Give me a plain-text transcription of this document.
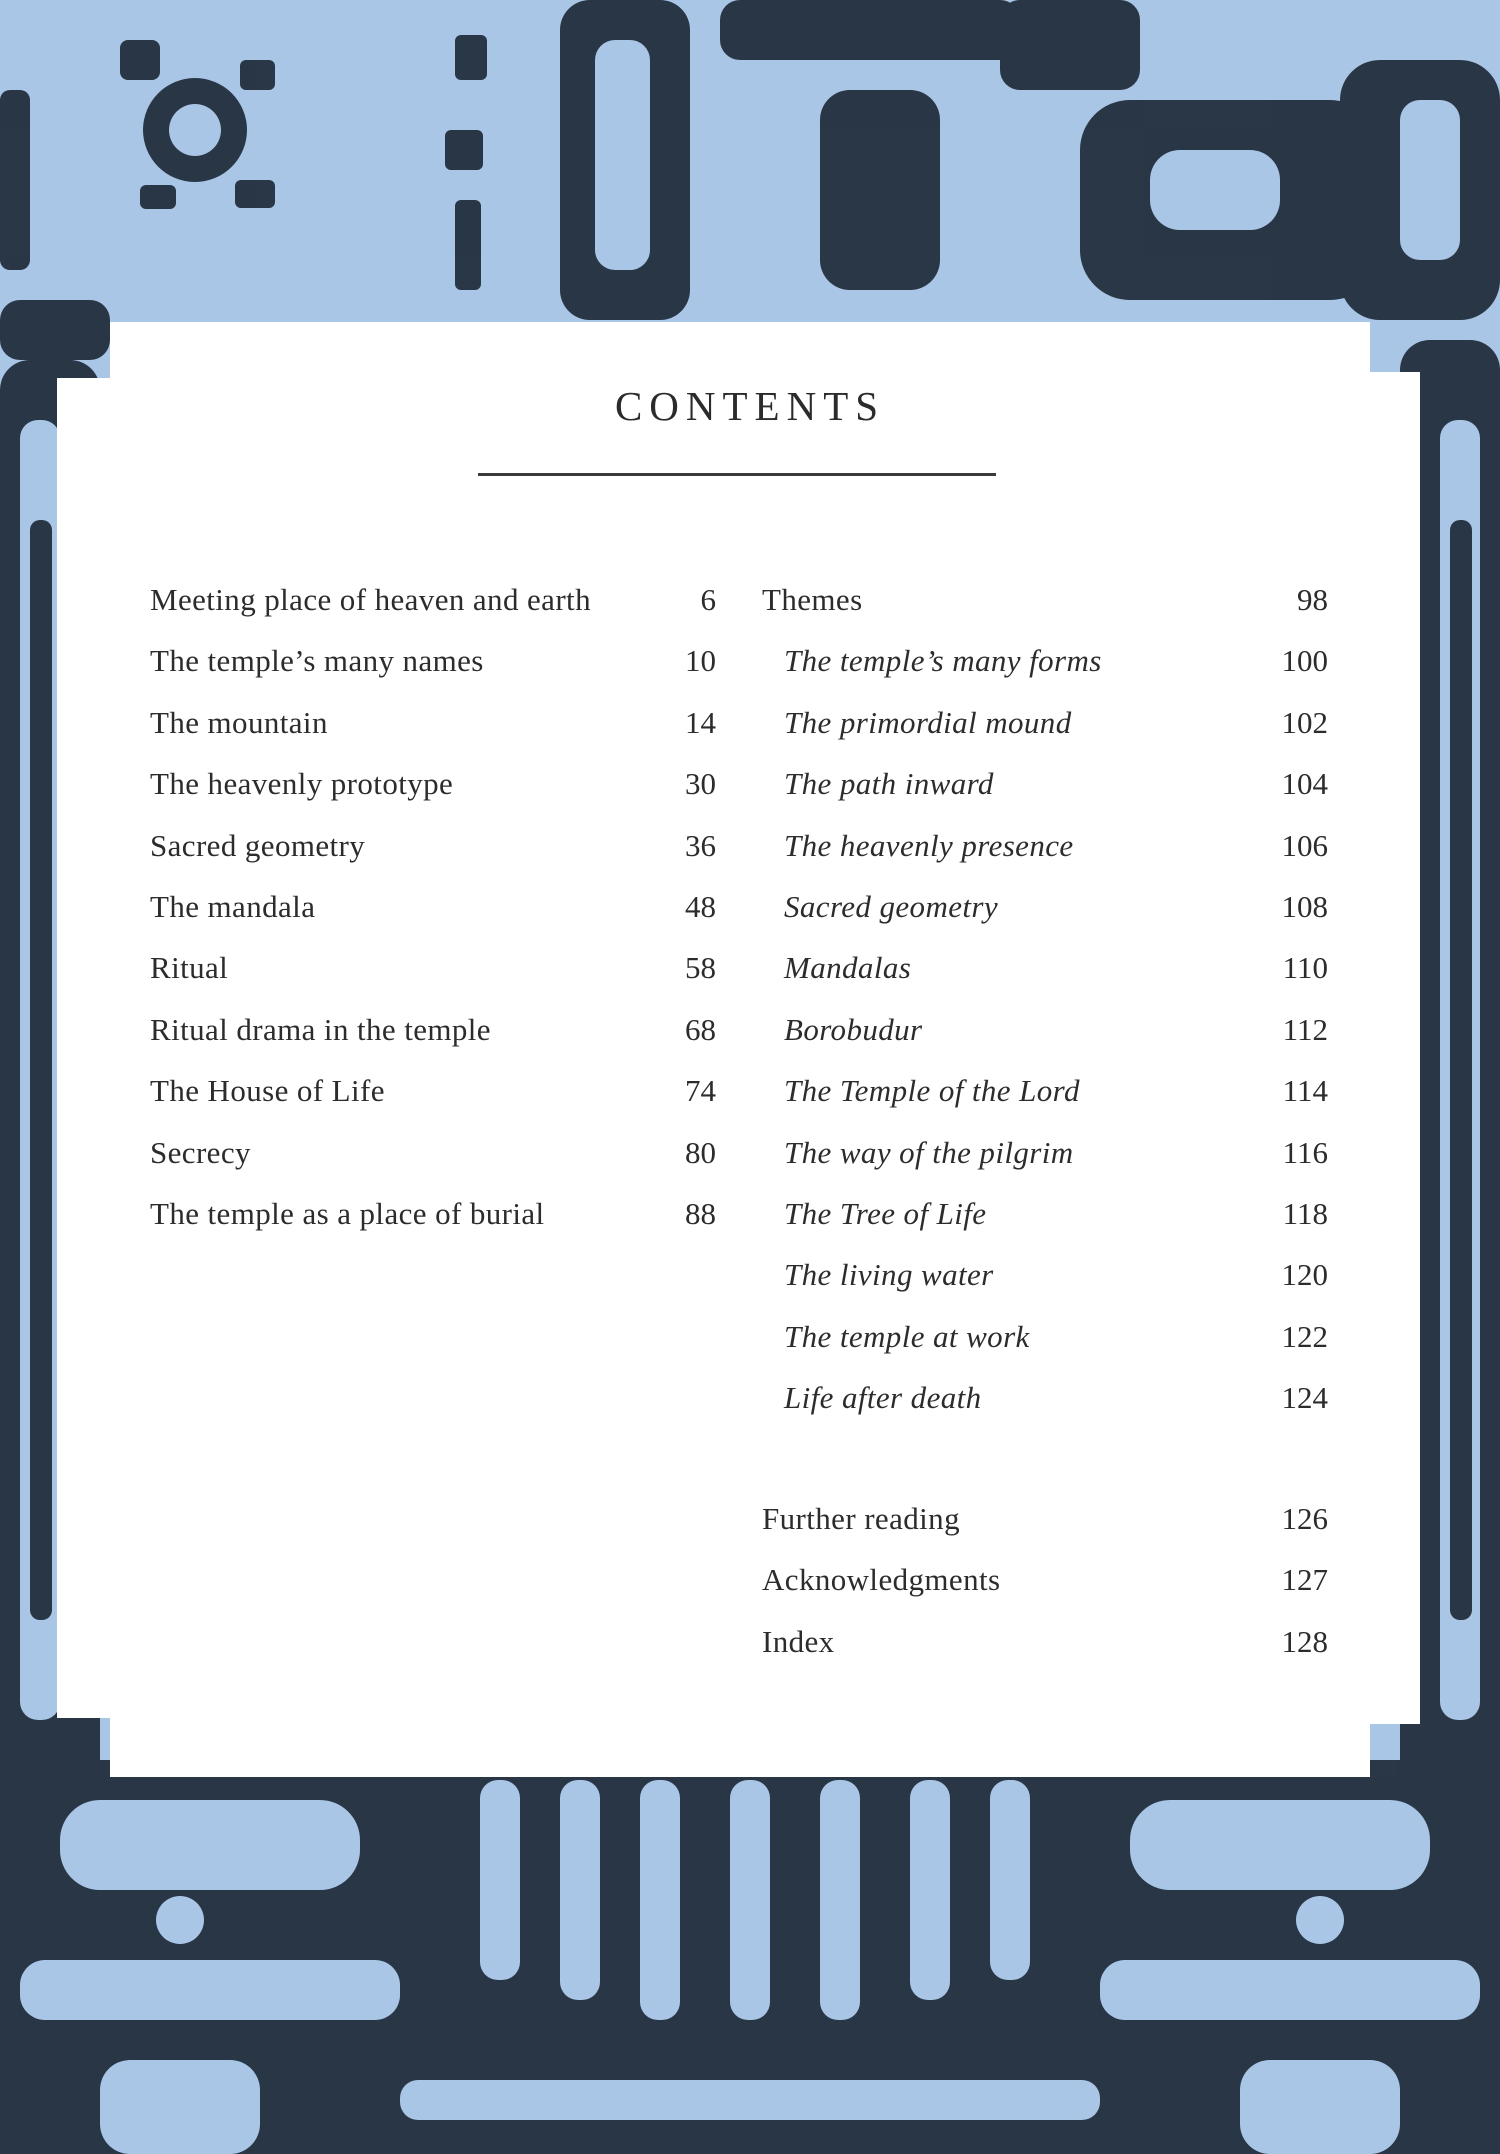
CONTENTS
Meeting place of heaven and earth	6
The temple’s many names	10
The mountain	14
The heavenly prototype	30
Sacred geometry	36
The mandala	48
Ritual	58
Ritual drama in the temple	68
The House of Life	74
Secrecy	80
The temple as a place of burial	88
Themes	98
The temple’s many forms	100
The primordial mound	102
The path inward	104
The heavenly presence	106
Sacred geometry	108
Mandalas	110
Borobudur	112
The Temple of the Lord	114
The way of the pilgrim	116
The Tree of Life	118
The living water	120
The temple at work	122
Life after death	124
Further reading	126
Acknowledgments	127
Index	128
